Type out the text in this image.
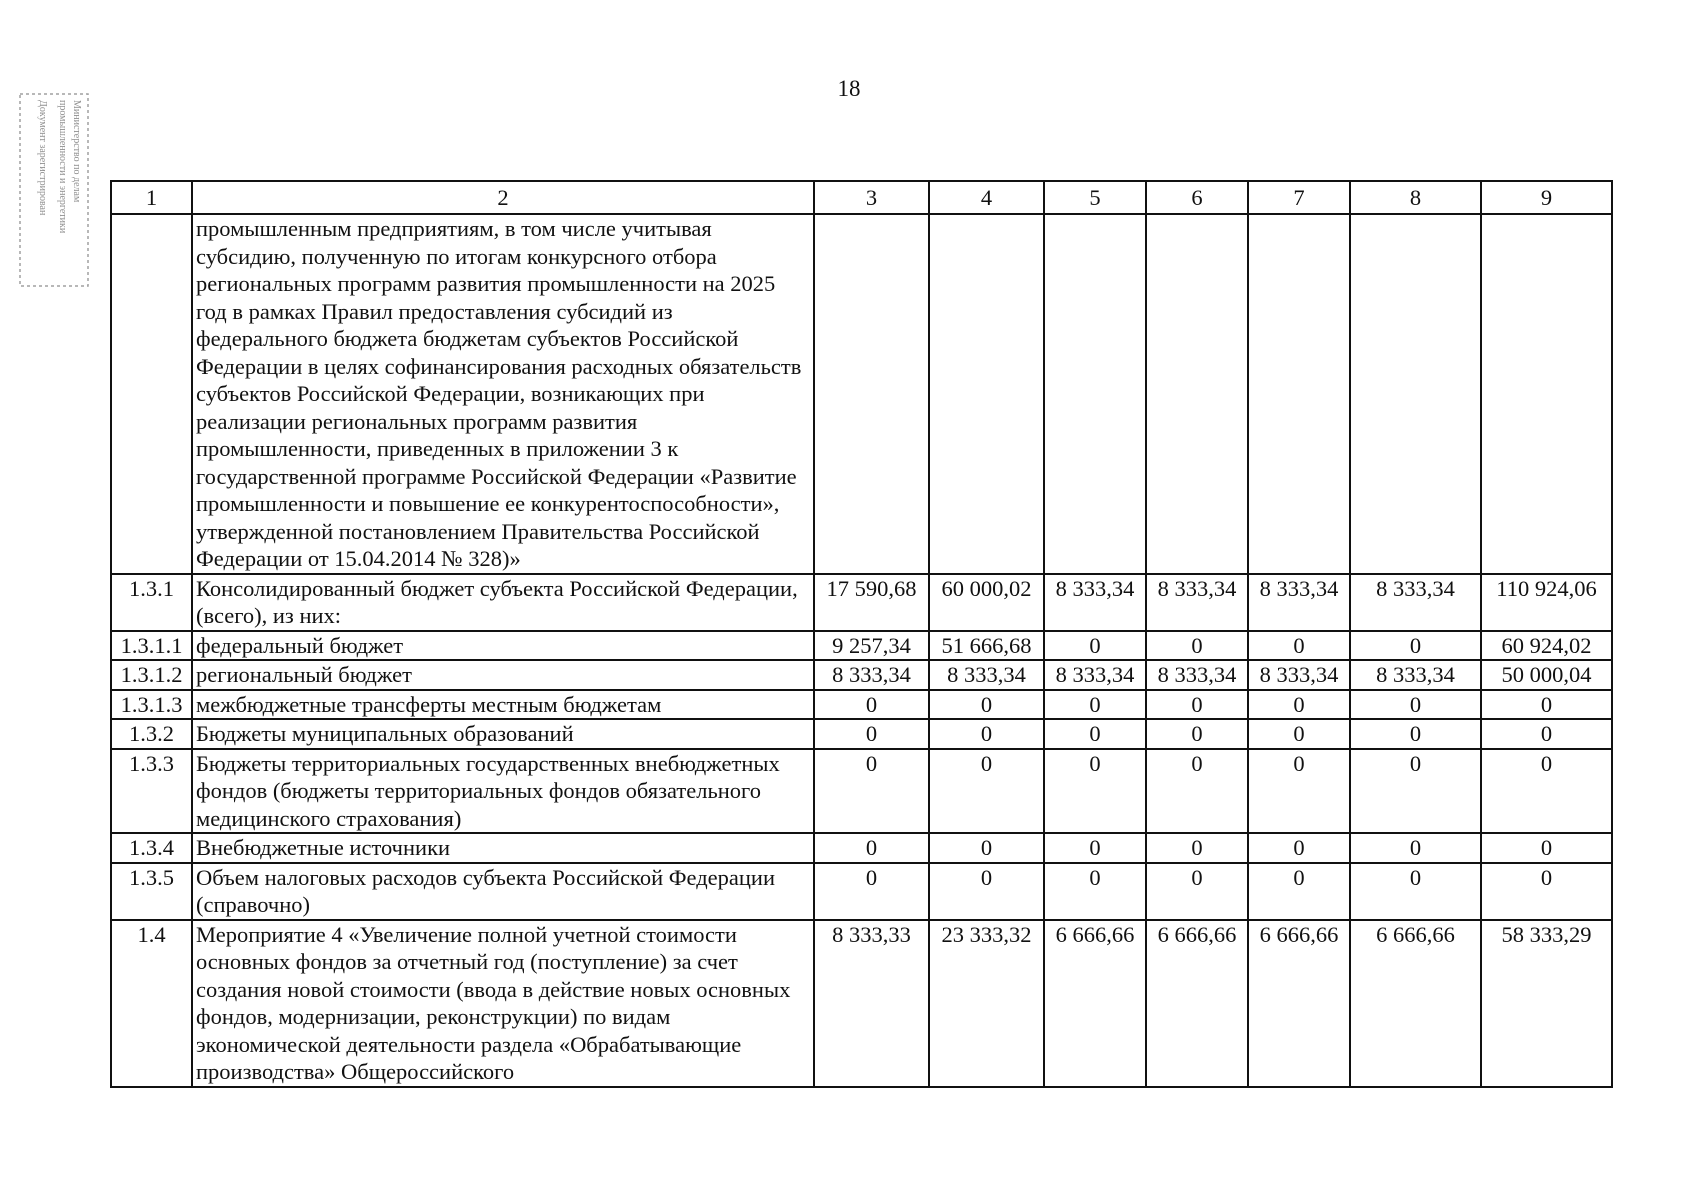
18
Министерство по делам
промышленности и энергетики
Документ зарегистрирован	1	2	3	4	5	6	7	8	9
	промышленным предприятиям, в том числе учитывая субсидию, полученную по итогам конкурсного отбора региональных программ развития промышленности на 2025 год в рамках Правил предоставления субсидий из федерального бюджета бюджетам субъектов Российской Федерации в целях софинансирования расходных обязательств субъектов Российской Федерации, возникающих при реализации региональных программ развития промышленности, приведенных в приложении 3 к государственной программе Российской Федерации «Развитие промышленности и повышение ее конкурентоспособности», утвержденной постановлением Правительства Российской Федерации от 15.04.2014 № 328)»							
1.3.1	Консолидированный бюджет субъекта Российской Федерации, (всего), из них:	17 590,68	60 000,02	8 333,34	8 333,34	8 333,34	8 333,34	110 924,06
1.3.1.1	федеральный бюджет	9 257,34	51 666,68	0	0	0	0	60 924,02
1.3.1.2	региональный бюджет	8 333,34	8 333,34	8 333,34	8 333,34	8 333,34	8 333,34	50 000,04
1.3.1.3	межбюджетные трансферты местным бюджетам	0	0	0	0	0	0	0
1.3.2	Бюджеты муниципальных образований	0	0	0	0	0	0	0
1.3.3	Бюджеты территориальных государственных внебюджетных фондов (бюджеты территориальных фондов обязательного медицинского страхования)	0	0	0	0	0	0	0
1.3.4	Внебюджетные источники	0	0	0	0	0	0	0
1.3.5	Объем налоговых расходов субъекта Российской Федерации (справочно)	0	0	0	0	0	0	0
1.4	Мероприятие 4 «Увеличение полной учетной стоимости основных фондов за отчетный год (поступление) за счет создания новой стоимости (ввода в действие новых основных фондов, модернизации, реконструкции) по видам экономической деятельности раздела «Обрабатывающие производства» Общероссийского	8 333,33	23 333,32	6 666,66	6 666,66	6 666,66	6 666,66	58 333,29
